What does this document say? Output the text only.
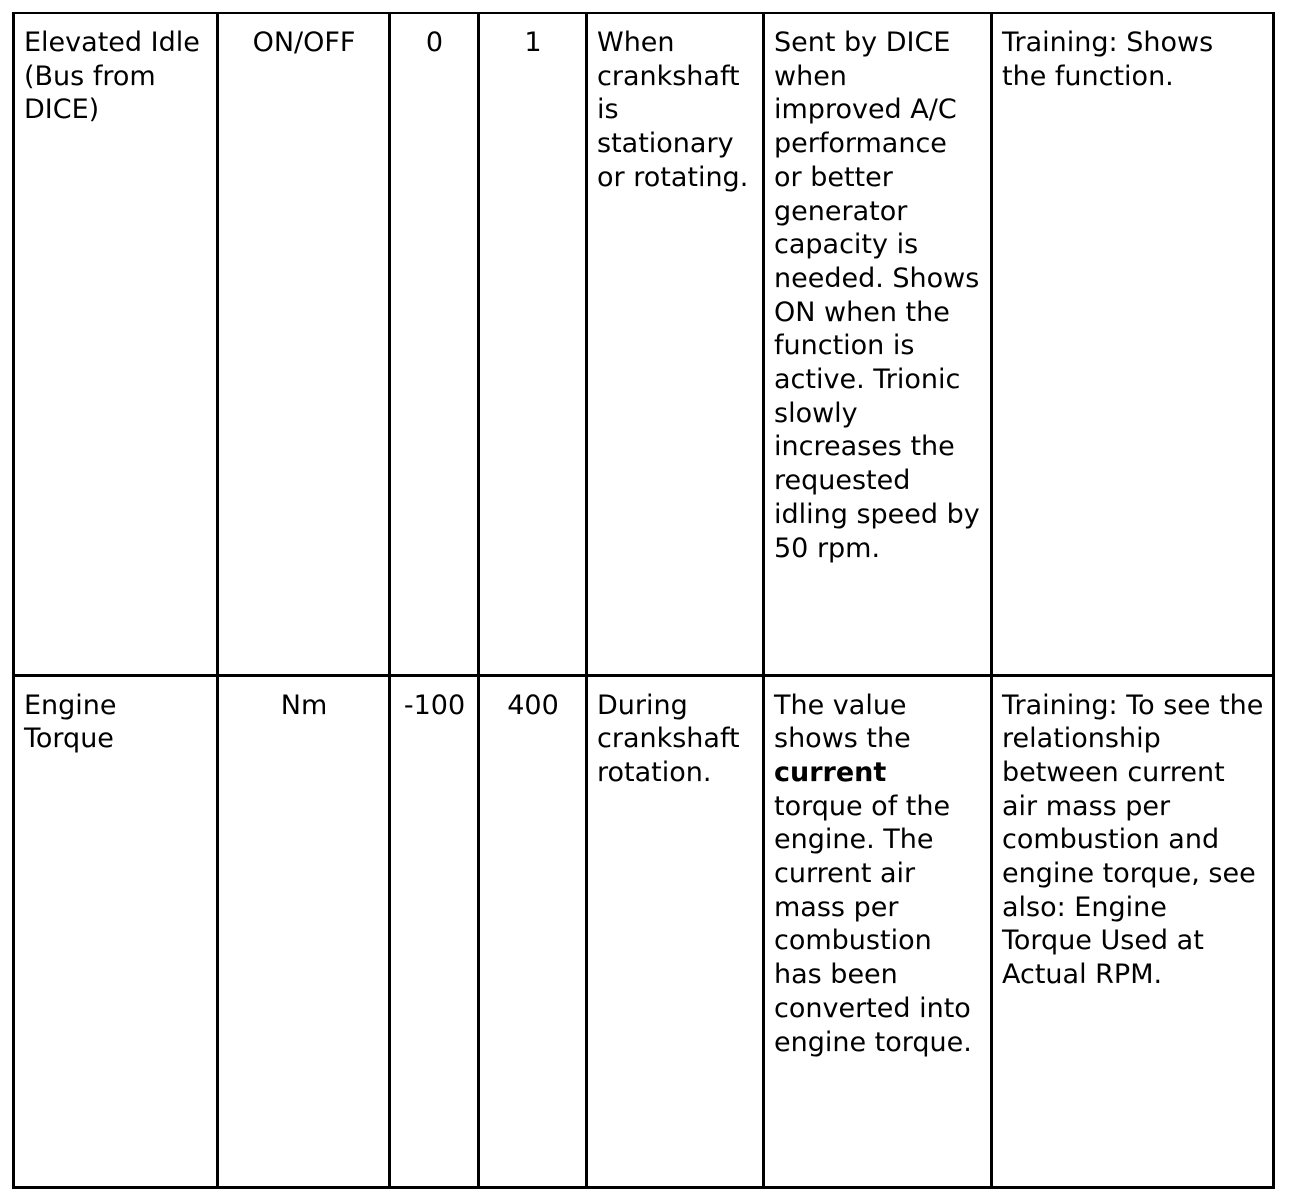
Elevated Idle (Bus from DICE)	ON/OFF	0	1	When crankshaft is stationary or rotating.	Sent by DICE when improved A/C performance or better generator capacity is needed. Shows ON when the function is active. Trionic slowly increases the requested idling speed by 50 rpm.	Training: Shows the function.

Engine Torque	Nm	-100	400	During crankshaft rotation.	The value shows the current torque of the engine. The current air mass per combustion has been converted into engine torque.	Training: To see the relationship between current air mass per combustion and engine torque, see also: Engine Torque Used at Actual RPM.
